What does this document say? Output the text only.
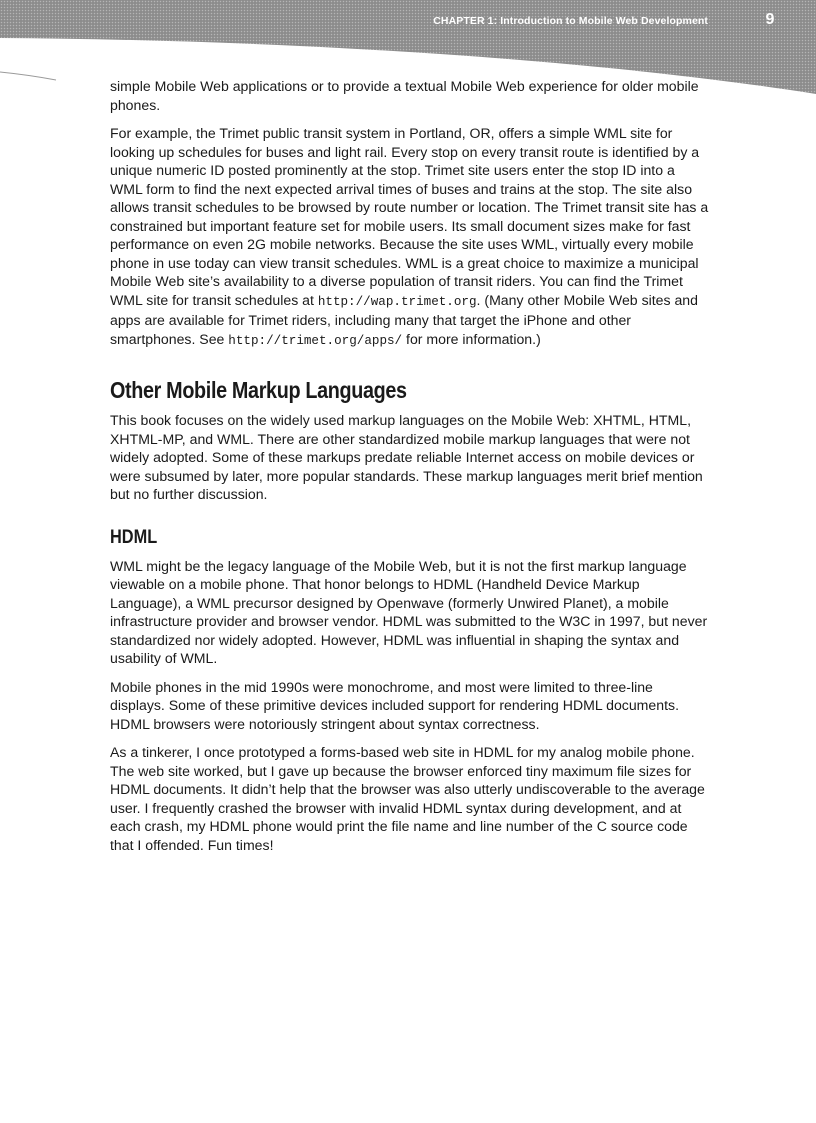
CHAPTER 1: Introduction to Mobile Web Development	9

simple Mobile Web applications or to provide a textual Mobile Web experience for older mobile phones.

For example, the Trimet public transit system in Portland, OR, offers a simple WML site for looking up schedules for buses and light rail. Every stop on every transit route is identified by a unique numeric ID posted prominently at the stop. Trimet site users enter the stop ID into a WML form to find the next expected arrival times of buses and trains at the stop. The site also allows transit schedules to be browsed by route number or location. The Trimet transit site has a constrained but important feature set for mobile users. Its small document sizes make for fast performance on even 2G mobile networks. Because the site uses WML, virtually every mobile phone in use today can view transit schedules. WML is a great choice to maximize a municipal Mobile Web site’s availability to a diverse population of transit riders. You can find the Trimet WML site for transit schedules at http://wap.trimet.org. (Many other Mobile Web sites and apps are available for Trimet riders, including many that target the iPhone and other smartphones. See http://trimet.org/apps/ for more information.)

Other Mobile Markup Languages

This book focuses on the widely used markup languages on the Mobile Web: XHTML, HTML, XHTML-MP, and WML. There are other standardized mobile markup languages that were not widely adopted. Some of these markups predate reliable Internet access on mobile devices or were subsumed by later, more popular standards. These markup languages merit brief mention but no further discussion.

HDML

WML might be the legacy language of the Mobile Web, but it is not the first markup language viewable on a mobile phone. That honor belongs to HDML (Handheld Device Markup Language), a WML precursor designed by Openwave (formerly Unwired Planet), a mobile infrastructure provider and browser vendor. HDML was submitted to the W3C in 1997, but never standardized nor widely adopted. However, HDML was influential in shaping the syntax and usability of WML.

Mobile phones in the mid 1990s were monochrome, and most were limited to three-line displays. Some of these primitive devices included support for rendering HDML documents. HDML browsers were notoriously stringent about syntax correctness.

As a tinkerer, I once prototyped a forms-based web site in HDML for my analog mobile phone. The web site worked, but I gave up because the browser enforced tiny maximum file sizes for HDML documents. It didn’t help that the browser was also utterly undiscoverable to the average user. I frequently crashed the browser with invalid HDML syntax during development, and at each crash, my HDML phone would print the file name and line number of the C source code that I offended. Fun times!
